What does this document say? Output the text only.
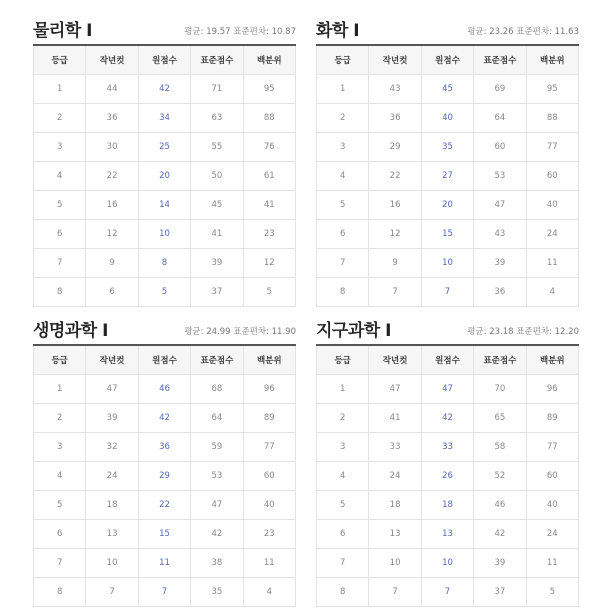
물리학 I	평균: 19.57 표준편차: 10.87
등급	작년컷	원점수	표준점수	백분위
1	44	42	71	95
2	36	34	63	88
3	30	25	55	76
4	22	20	50	61
5	16	14	45	41
6	12	10	41	23
7	9	8	39	12
8	6	5	37	5
화학 I	평균: 23.26 표준편차: 11.63
등급	작년컷	원점수	표준점수	백분위
1	43	45	69	95
2	36	40	64	88
3	29	35	60	77
4	22	27	53	60
5	16	20	47	40
6	12	15	43	24
7	9	10	39	11
8	7	7	36	4
생명과학 I	평균: 24.99 표준편차: 11.90
등급	작년컷	원점수	표준점수	백분위
1	47	46	68	96
2	39	42	64	89
3	32	36	59	77
4	24	29	53	60
5	18	22	47	40
6	13	15	42	23
7	10	11	38	11
8	7	7	35	4
지구과학 I	평균: 23.18 표준편차: 12.20
등급	작년컷	원점수	표준점수	백분위
1	47	47	70	96
2	41	42	65	89
3	33	33	58	77
4	24	26	52	60
5	18	18	46	40
6	13	13	42	24
7	10	10	39	11
8	7	7	37	5
